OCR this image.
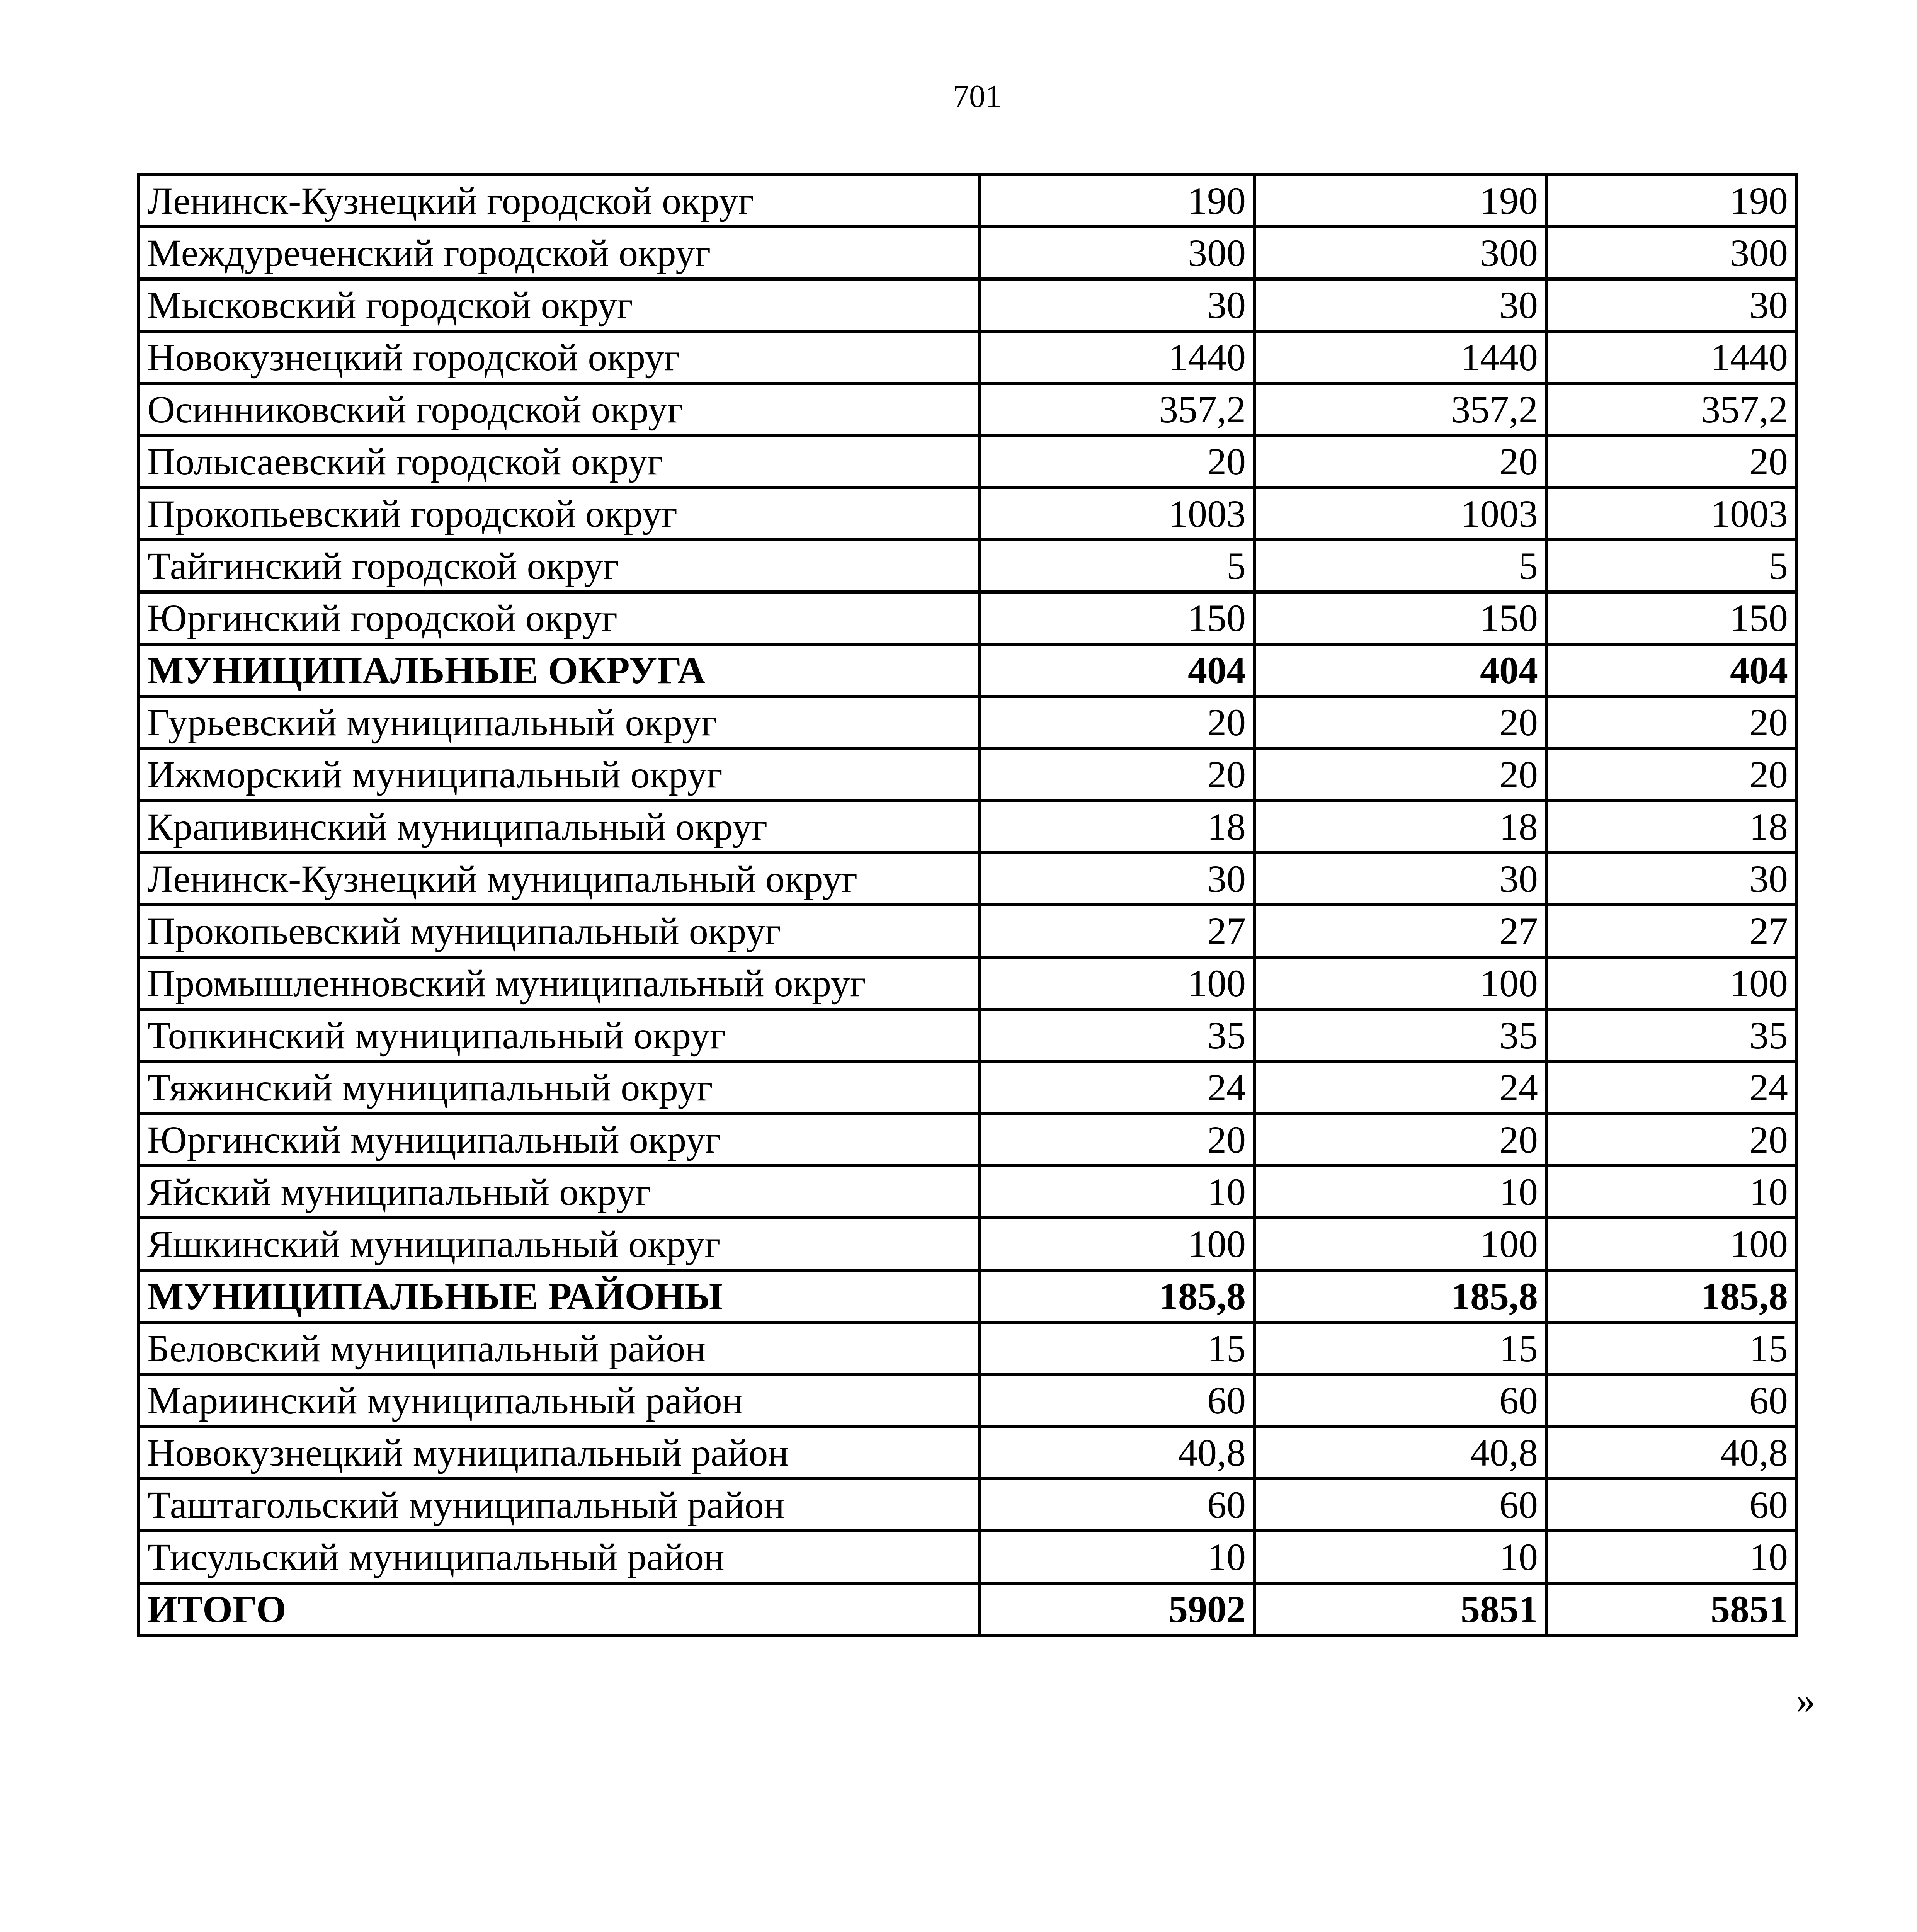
701
Ленинск-Кузнецкий городской округ	190	190	190
Междуреченский городской округ	300	300	300
Мысковский городской округ	30	30	30
Новокузнецкий городской округ	1440	1440	1440
Осинниковский городской округ	357,2	357,2	357,2
Полысаевский городской округ	20	20	20
Прокопьевский городской округ	1003	1003	1003
Тайгинский городской округ	5	5	5
Юргинский городской округ	150	150	150
МУНИЦИПАЛЬНЫЕ ОКРУГА	404	404	404
Гурьевский муниципальный округ	20	20	20
Ижморский муниципальный округ	20	20	20
Крапивинский муниципальный округ	18	18	18
Ленинск-Кузнецкий муниципальный округ	30	30	30
Прокопьевский муниципальный округ	27	27	27
Промышленновский муниципальный округ	100	100	100
Топкинский муниципальный округ	35	35	35
Тяжинский муниципальный округ	24	24	24
Юргинский муниципальный округ	20	20	20
Яйский муниципальный округ	10	10	10
Яшкинский муниципальный округ	100	100	100
МУНИЦИПАЛЬНЫЕ РАЙОНЫ	185,8	185,8	185,8
Беловский муниципальный район	15	15	15
Мариинский муниципальный район	60	60	60
Новокузнецкий муниципальный район	40,8	40,8	40,8
Таштагольский муниципальный район	60	60	60
Тисульский муниципальный район	10	10	10
ИТОГО	5902	5851	5851
»
